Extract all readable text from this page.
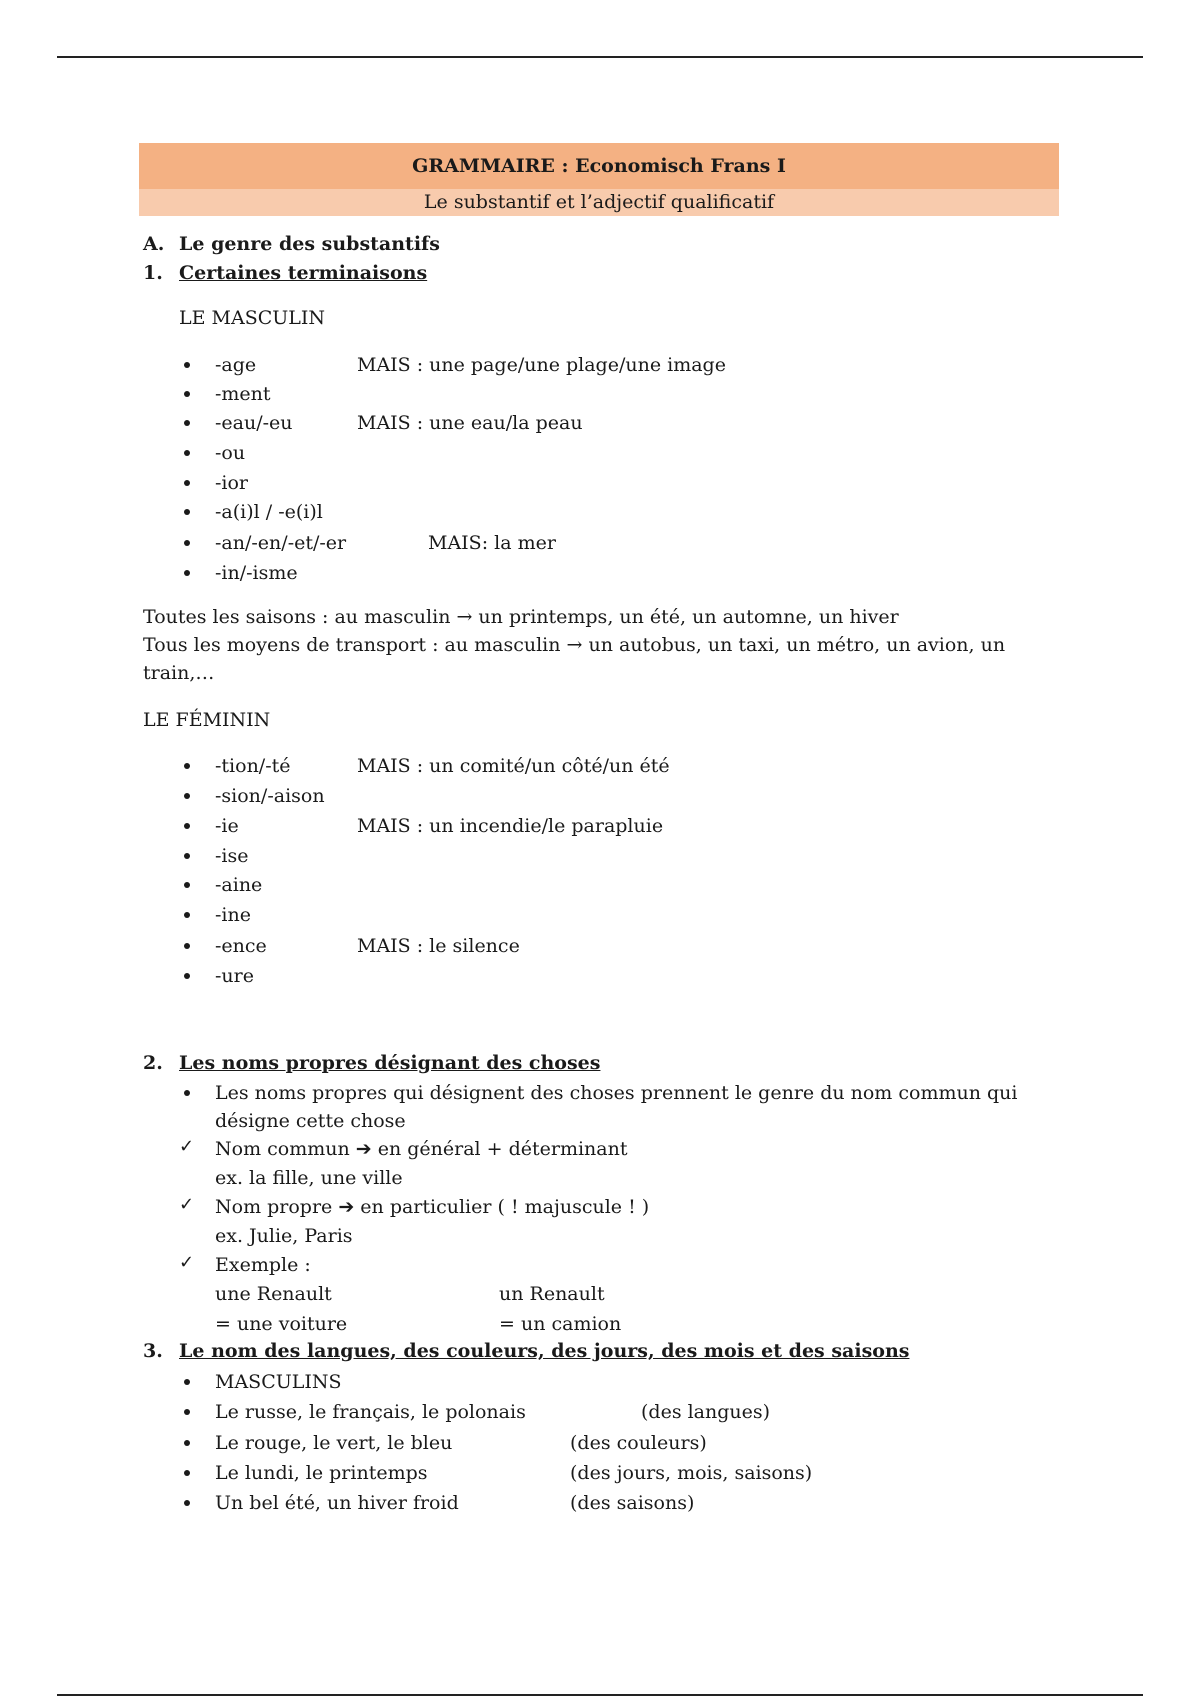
GRAMMAIRE : Economisch Frans I
Le substantif et l’adjectif qualificatif
A. Le genre des substantifs
1. Certaines terminaisons
LE MASCULIN
-age	MAIS : une page/une plage/une image
-ment
-eau/-eu	MAIS : une eau/la peau
-ou
-ior
-a(i)l / -e(i)l
-an/-en/-et/-er	MAIS: la mer
-in/-isme
Toutes les saisons : au masculin → un printemps, un été, un automne, un hiver
Tous les moyens de transport : au masculin → un autobus, un taxi, un métro, un avion, un
train,…
LE FÉMININ
-tion/-té	MAIS : un comité/un côté/un été
-sion/-aison
-ie	MAIS : un incendie/le parapluie
-ise
-aine
-ine
-ence	MAIS : le silence
-ure
2. Les noms propres désignant des choses
Les noms propres qui désignent des choses prennent le genre du nom commun qui
désigne cette chose
✓ Nom commun ➔ en général + déterminant
ex. la fille, une ville
✓ Nom propre ➔ en particulier ( ! majuscule ! )
ex. Julie, Paris
✓ Exemple :
une Renault	un Renault
= une voiture	= un camion
3. Le nom des langues, des couleurs, des jours, des mois et des saisons
MASCULINS
Le russe, le français, le polonais	(des langues)
Le rouge, le vert, le bleu	(des couleurs)
Le lundi, le printemps	(des jours, mois, saisons)
Un bel été, un hiver froid	(des saisons)
